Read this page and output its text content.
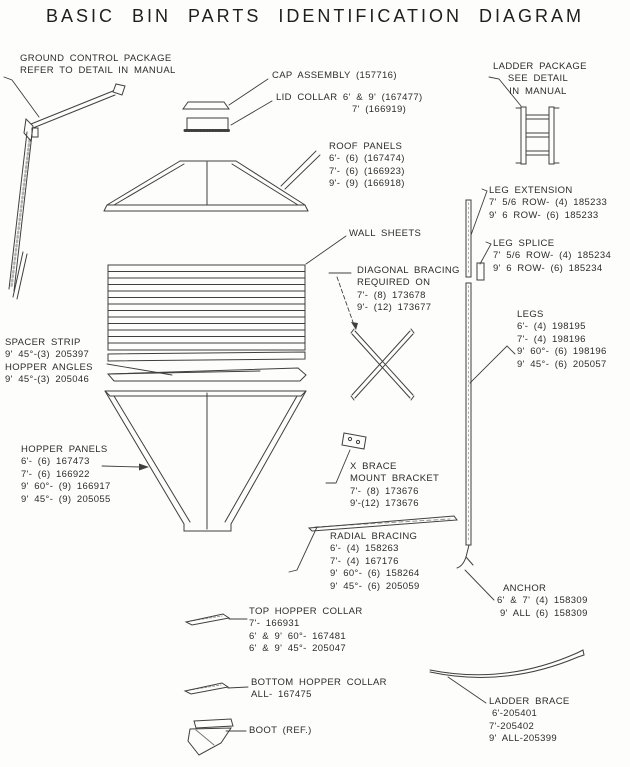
BASIC BIN PARTS IDENTIFICATION DIAGRAM
GROUND CONTROL PACKAGE
REFER TO DETAIL IN MANUAL	CAP ASSEMBLY (157716)
LID COLLAR 6' & 9' (167477)
7' (166919)
ROOF PANELS
6'- (6) (167474)
7'- (6) (166923)
9'- (9) (166918)
LADDER PACKAGE
SEE DETAIL
IN MANUAL
LEG EXTENSION
7' 5/6 ROW- (4) 185233
9' 6 ROW- (6) 185233
LEG SPLICE
7' 5/6 ROW- (4) 185234
9' 6 ROW- (6) 185234
WALL SHEETS
DIAGONAL BRACING
REQUIRED ON
7'- (8) 173678
9'- (12) 173677
LEGS
6'- (4) 198195
7'- (4) 198196
9' 60°- (6) 198196
9' 45°- (6) 205057
SPACER STRIP
9' 45°-(3) 205397
HOPPER ANGLES
9' 45°-(3) 205046
HOPPER PANELS
6'- (6) 167473
7'- (6) 166922
9' 60°- (9) 166917
9' 45°- (9) 205055
X BRACE
MOUNT BRACKET
7'- (8) 173676
9'-(12) 173676
RADIAL BRACING
6'- (4) 158263
7'- (4) 167176
9' 60°- (6) 158264
9' 45°- (6) 205059	ANCHOR
6' & 7' (4) 158309
9' ALL (6) 158309
TOP HOPPER COLLAR
7'- 166931
6' & 9' 60°- 167481
6' & 9' 45°- 205047
BOTTOM HOPPER COLLAR
ALL- 167475
BOOT (REF.)
LADDER BRACE
6'-205401
7'-205402
9' ALL-205399
